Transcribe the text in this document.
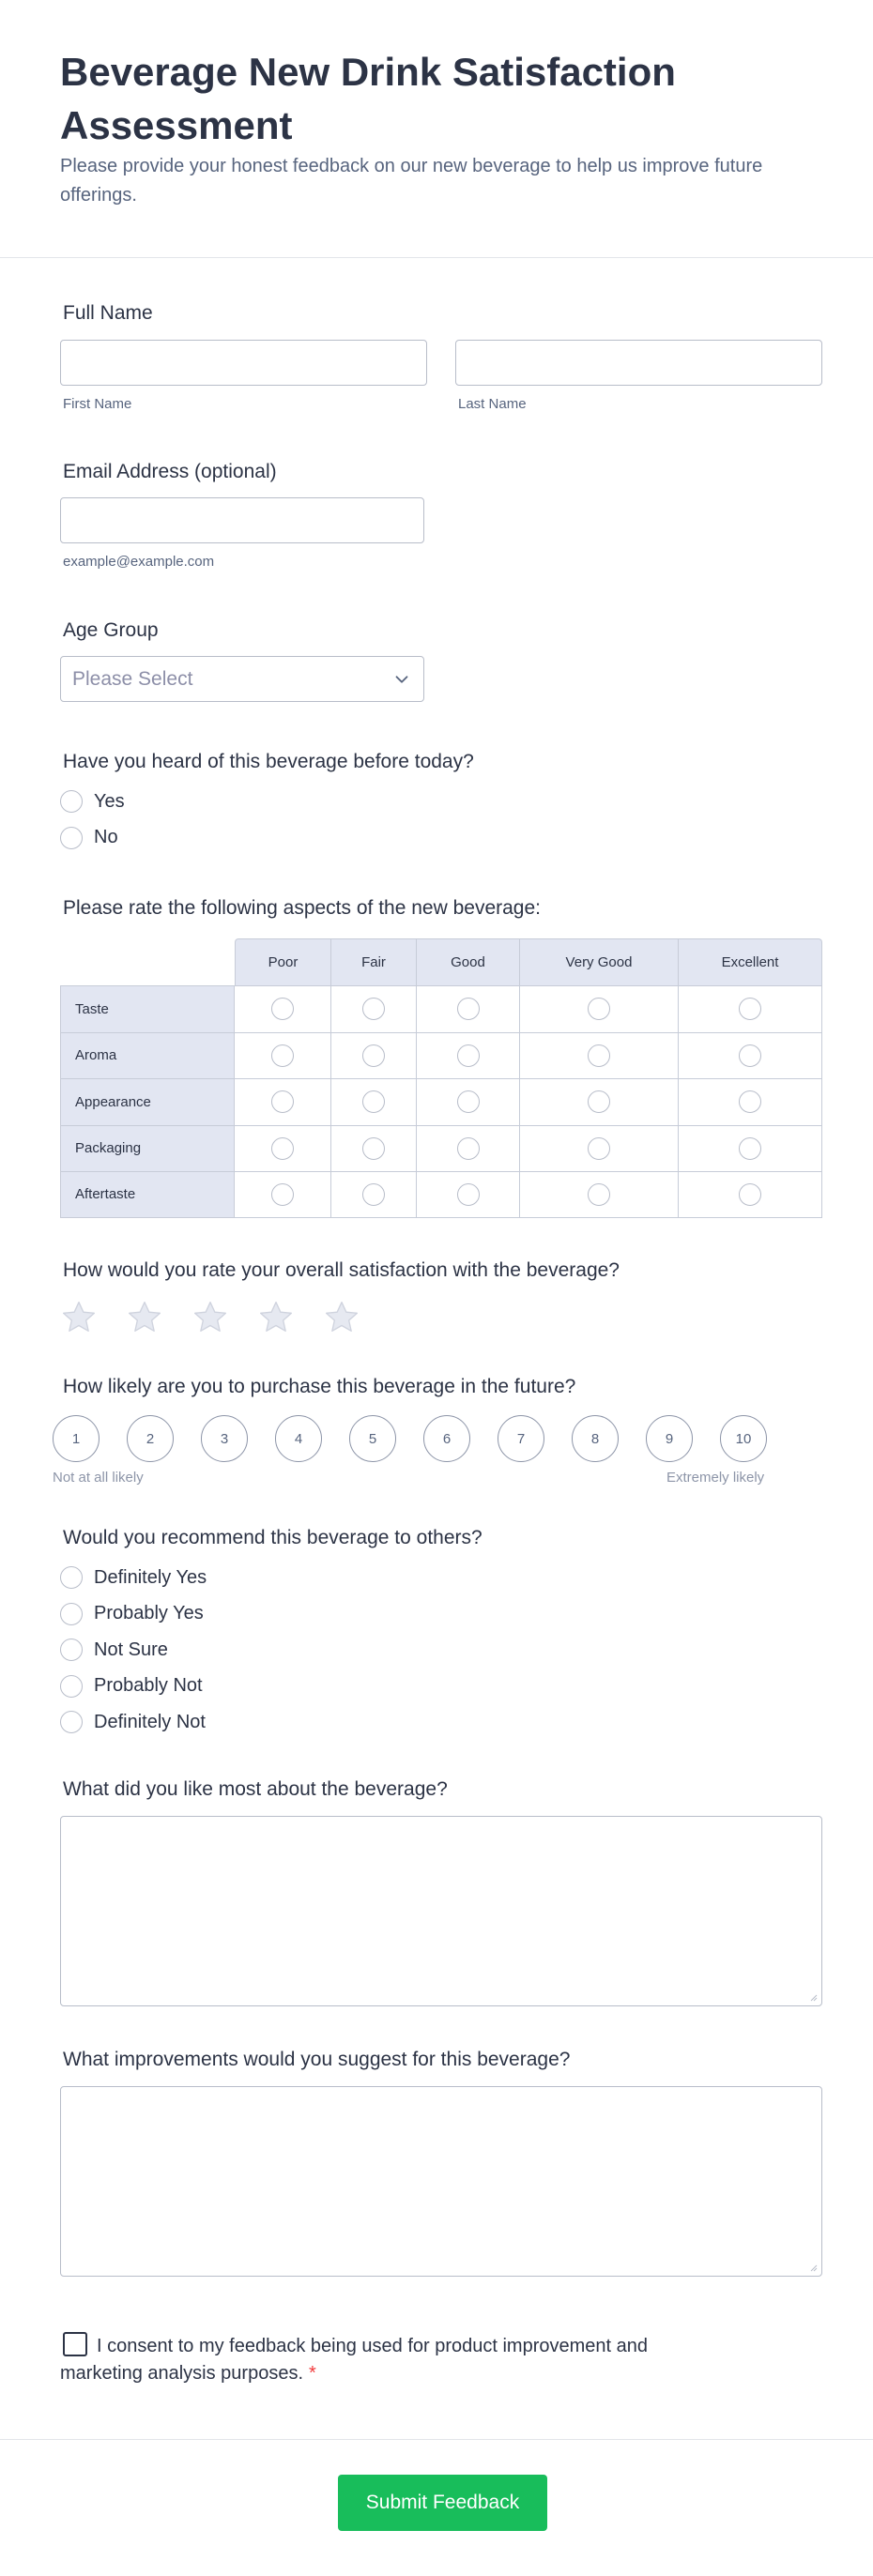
Beverage New Drink Satisfaction Assessment

Please provide your honest feedback on our new beverage to help us improve future offerings.

Full Name

First Name	Last Name

Email Address (optional)

example@example.com

Age Group

Please Select

Have you heard of this beverage before today?

Yes
No

Please rate the following aspects of the new beverage:

	Poor	Fair	Good	Very Good	Excellent
Taste					
Aroma					
Appearance					
Packaging					
Aftertaste					

How would you rate your overall satisfaction with the beverage?

How likely are you to purchase this beverage in the future?

1	2	3	4	5	6	7	8	9	10
Not at all likely	Extremely likely

Would you recommend this beverage to others?

Definitely Yes
Probably Yes
Not Sure
Probably Not
Definitely Not

What did you like most about the beverage?

What improvements would you suggest for this beverage?

I consent to my feedback being used for product improvement and marketing analysis purposes. *
Submit Feedback
